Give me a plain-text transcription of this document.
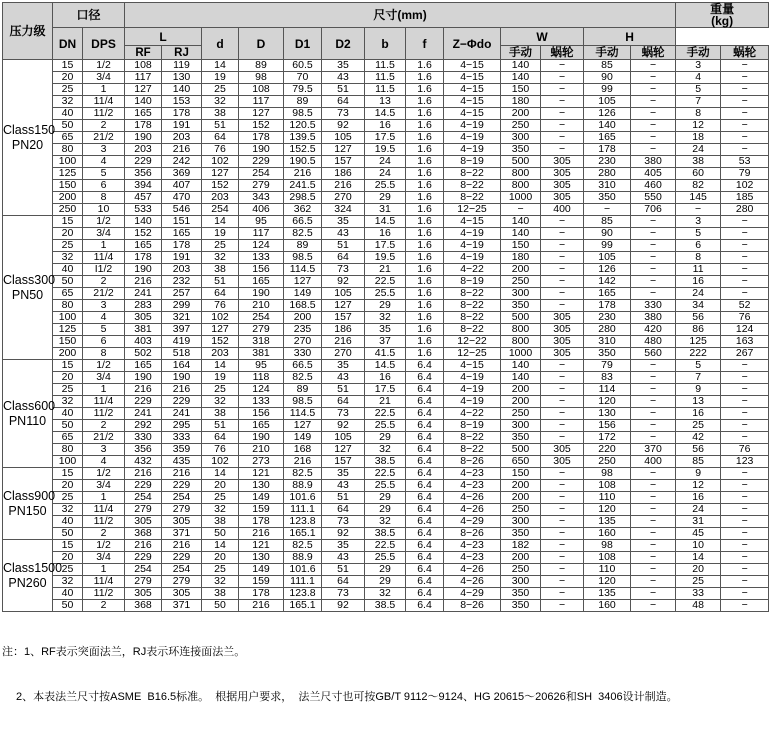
压力级	口径		尺寸(mm)													重量
(kg)	
	DN	DPS	L		d	D	D1	D2	b	f	Z−Φdo	W		H			
			RF	RJ								手动	蜗轮	手动	蜗轮	手动	蜗轮
Class150
PN20	15	1/2	108	119	14	89	60.5	35	11.5	1.6	4−15	140	−	85	−	3	−
	20	3/4	117	130	19	98	70	43	11.5	1.6	4−15	140	−	90	−	4	−
	25	1	127	140	25	108	79.5	51	11.5	1.6	4−15	150	−	99	−	5	−
	32	11/4	140	153	32	117	89	64	13	1.6	4−15	180	−	105	−	7	−
	40	11/2	165	178	38	127	98.5	73	14.5	1.6	4−15	200	−	126	−	8	−
	50	2	178	191	51	152	120.5	92	16	1.6	4−19	250	−	140	−	12	−
	65	21/2	190	203	64	178	139.5	105	17.5	1.6	4−19	300	−	165	−	18	−
	80	3	203	216	76	190	152.5	127	19.5	1.6	4−19	350	−	178	−	24	−
	100	4	229	242	102	229	190.5	157	24	1.6	8−19	500	305	230	380	38	53
	125	5	356	369	127	254	216	186	24	1.6	8−22	800	305	280	405	60	79
	150	6	394	407	152	279	241.5	216	25.5	1.6	8−22	800	305	310	460	82	102
	200	8	457	470	203	343	298.5	270	29	1.6	8−22	1000	305	350	550	145	185
	250	10	533	546	254	406	362	324	31	1.6	12−25	−	400	−	706	−	280
Class300
PN50	15	1/2	140	151	14	95	66.5	35	14.5	1.6	4−15	140	−	85	−	3	−
	20	3/4	152	165	19	117	82.5	43	16	1.6	4−19	140	−	90	−	5	−
	25	1	165	178	25	124	89	51	17.5	1.6	4−19	150	−	99	−	6	−
	32	11/4	178	191	32	133	98.5	64	19.5	1.6	4−19	180	−	105	−	8	−
	40	I1/2	190	203	38	156	114.5	73	21	1.6	4−22	200	−	126	−	11	−
	50	2	216	232	51	165	127	92	22.5	1.6	8−19	250	−	142	−	16	−
	65	21/2	241	257	64	190	149	105	25.5	1.6	8−22	300	−	165	−	24	−
	80	3	283	299	76	210	168.5	127	29	1.6	8−22	350	−	178	330	34	52
	100	4	305	321	102	254	200	157	32	1.6	8−22	500	305	230	380	56	76
	125	5	381	397	127	279	235	186	35	1.6	8−22	800	305	280	420	86	124
	150	6	403	419	152	318	270	216	37	1.6	12−22	800	305	310	480	125	163
	200	8	502	518	203	381	330	270	41.5	1.6	12−25	1000	305	350	560	222	267
Class600
PN110	15	1/2	165	164	14	95	66.5	35	14.5	6.4	4−15	140	−	79	−	5	−
	20	3/4	190	190	19	118	82.5	43	16	6.4	4−19	140	−	83	−	7	−
	25	1	216	216	25	124	89	51	17.5	6.4	4−19	200	−	114	−	9	−
	32	11/4	229	229	32	133	98.5	64	21	6.4	4−19	200	−	120	−	13	−
	40	11/2	241	241	38	156	114.5	73	22.5	6.4	4−22	250	−	130	−	16	−
	50	2	292	295	51	165	127	92	25.5	6.4	8−19	300	−	156	−	25	−
	65	21/2	330	333	64	190	149	105	29	6.4	8−22	350	−	172	−	42	−
	80	3	356	359	76	210	168	127	32	6.4	8−22	500	305	220	370	56	76
	100	4	432	435	102	273	216	157	38.5	6.4	8−26	650	305	250	400	85	123
Class900
PN150	15	1/2	216	216	14	121	82.5	35	22.5	6.4	4−23	150	−	98	−	9	−
	20	3/4	229	229	20	130	88.9	43	25.5	6.4	4−23	200	−	108	−	12	−
	25	1	254	254	25	149	101.6	51	29	6.4	4−26	200	−	110	−	16	−
	32	11/4	279	279	32	159	111.1	64	29	6.4	4−26	250	−	120	−	24	−
	40	11/2	305	305	38	178	123.8	73	32	6.4	4−29	300	−	135	−	31	−
	50	2	368	371	50	216	165.1	92	38.5	6.4	8−26	350	−	160	−	45	−
Class1500
PN260	15	1/2	216	216	14	121	82.5	35	22.5	6.4	4−23	182	−	98	−	10	−
	20	3/4	229	229	20	130	88.9	43	25.5	6.4	4−23	200	−	108	−	14	−
	25	1	254	254	25	149	101.6	51	29	6.4	4−26	250	−	110	−	20	−
	32	11/4	279	279	32	159	111.1	64	29	6.4	4−26	300	−	120	−	25	−
	40	11/2	305	305	38	178	123.8	73	32	6.4	4−29	350	−	135	−	33	−
	50	2	368	371	50	216	165.1	92	38.5	6.4	8−26	350	−	160	−	48	−

注：1、RF表示突面法兰，RJ表示环连接面法兰。

2、本表法兰尺寸按ASME  B16.5标准。  根据用户要求，  法兰尺寸也可按GB/T 9112～9124、HG 20615～20626和SH  3406设计制造。
